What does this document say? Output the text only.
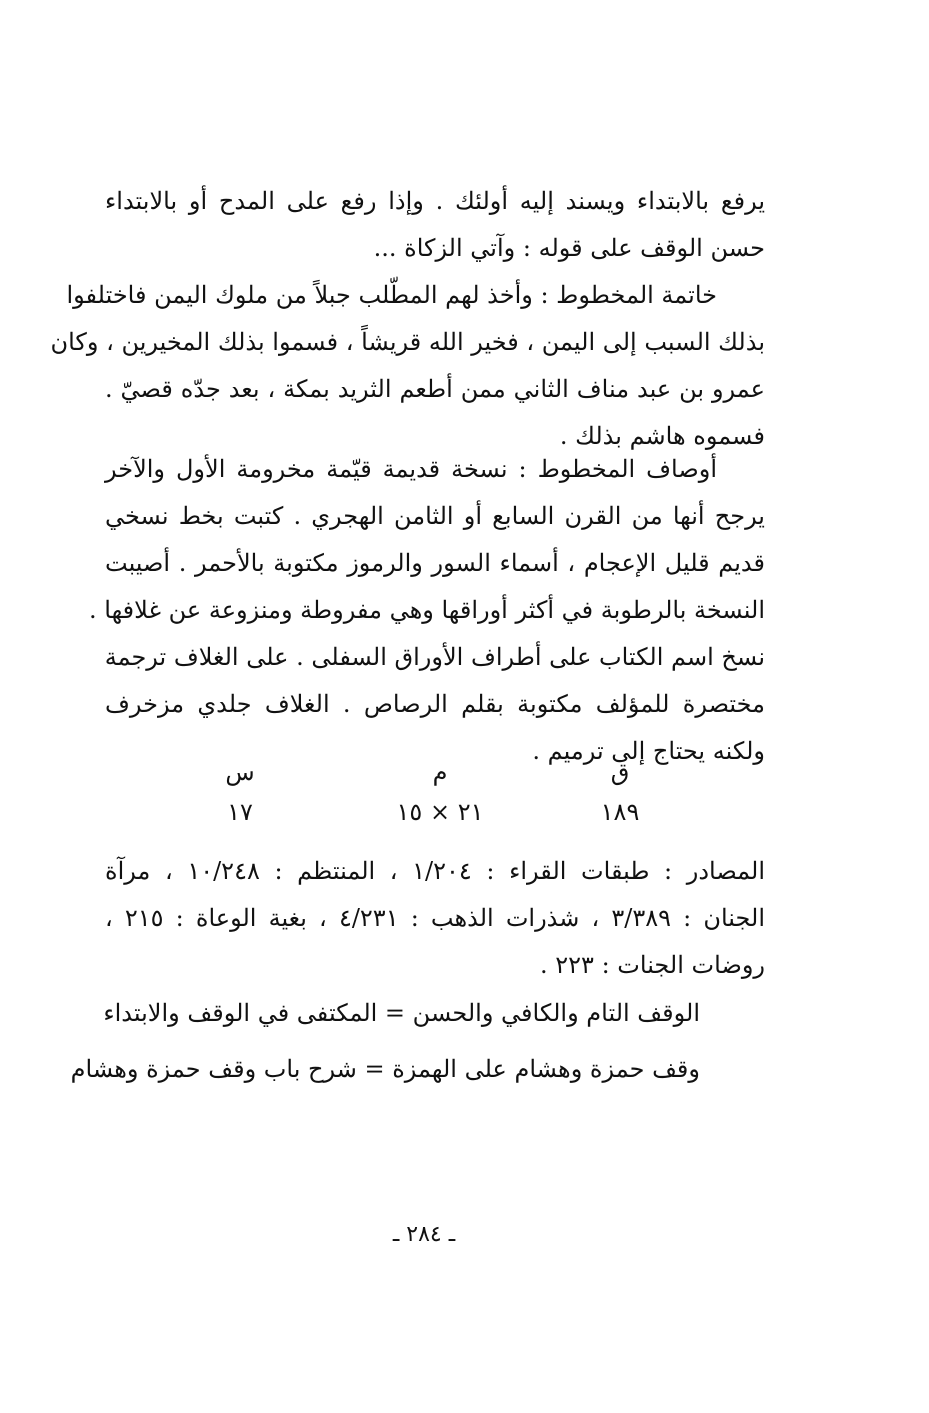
يرفع بالابتداء ويسند إليه أولئك . وإذا رفع على المدح أو بالابتداء
حسن الوقف على قوله : وآتي الزكاة ...
خاتمة المخطوط : وأخذ لهم المطّلب جبلاً من ملوك اليمن فاختلفوا
بذلك السبب إلى اليمن ، فخير الله قريشاً ، فسموا بذلك المخيرين ، وكان
عمرو بن عبد مناف الثاني ممن أطعم الثريد بمكة ، بعد جدّه قصيّ .
فسموه هاشم بذلك .
أوصاف المخطوط : نسخة قديمة قيّمة مخرومة الأول والآخر
يرجح أنها من القرن السابع أو الثامن الهجري . كتبت بخط نسخي
قديم قليل الإعجام ، أسماء السور والرموز مكتوبة بالأحمر . أصيبت
النسخة بالرطوبة في أكثر أوراقها وهي مفروطة ومنزوعة عن غلافها .
نسخ اسم الكتاب على أطراف الأوراق السفلى . على الغلاف ترجمة
مختصرة للمؤلف مكتوبة بقلم الرصاص . الغلاف جلدي مزخرف
ولكنه يحتاج إلى ترميم .
ق
١٨٩
م
٢١ × ١٥
س
١٧
المصادر : طبقات القراء : ١/٢٠٤ ، المنتظم : ١٠/٢٤٨ ، مرآة
الجنان : ٣/٣٨٩ ، شذرات الذهب : ٤/٢٣١ ، بغية الوعاة : ٢١٥ ،
روضات الجنات : ٢٢٣ .
الوقف التام والكافي والحسن = المكتفى في الوقف والابتداء
وقف حمزة وهشام على الهمزة = شرح باب وقف حمزة وهشام
ـ ٢٨٤ ـ
